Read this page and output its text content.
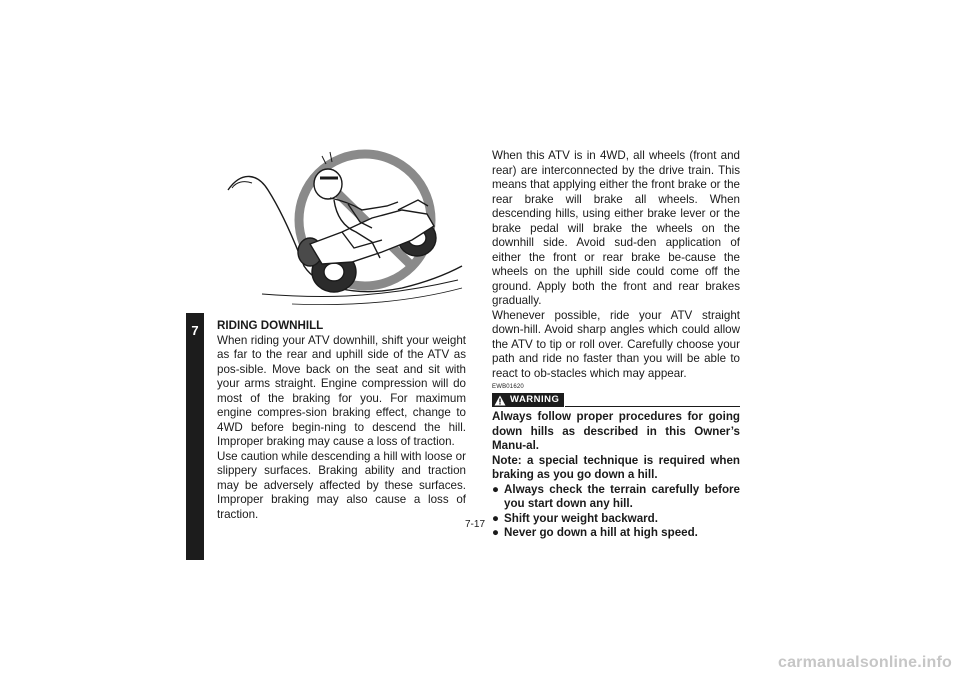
7	RIDING DOWNHILL

When riding your ATV downhill, shift your weight as far to the rear and uphill side of the ATV as pos-sible. Move back on the seat and sit with your arms straight. Engine compression will do most of the braking for you. For maximum engine compres-sion braking effect, change to 4WD before begin-ning to descend the hill. Improper braking may cause a loss of traction.

Use caution while descending a hill with loose or slippery surfaces. Braking ability and traction may be adversely affected by these surfaces. Improper braking may also cause a loss of traction.

When this ATV is in 4WD, all wheels (front and rear) are interconnected by the drive train. This means that applying either the front brake or the rear brake will brake all wheels. When descending hills, using either brake lever or the brake pedal will brake the wheels on the downhill side. Avoid sud-den application of either the front or rear brake be-cause the wheels on the uphill side could come off the ground. Apply both the front and rear brakes gradually.

Whenever possible, ride your ATV straight down-hill. Avoid sharp angles which could allow the ATV to tip or roll over. Carefully choose your path and ride no faster than you will be able to react to ob-stacles which may appear.

EWB01620
WARNING

Always follow proper procedures for going down hills as described in this Owner’s Manu-al.

Note: a special technique is required when braking as you go down a hill.

● Always check the terrain carefully before you start down any hill.
● Shift your weight backward.
● Never go down a hill at high speed.
7-17
carmanualsonline.info
